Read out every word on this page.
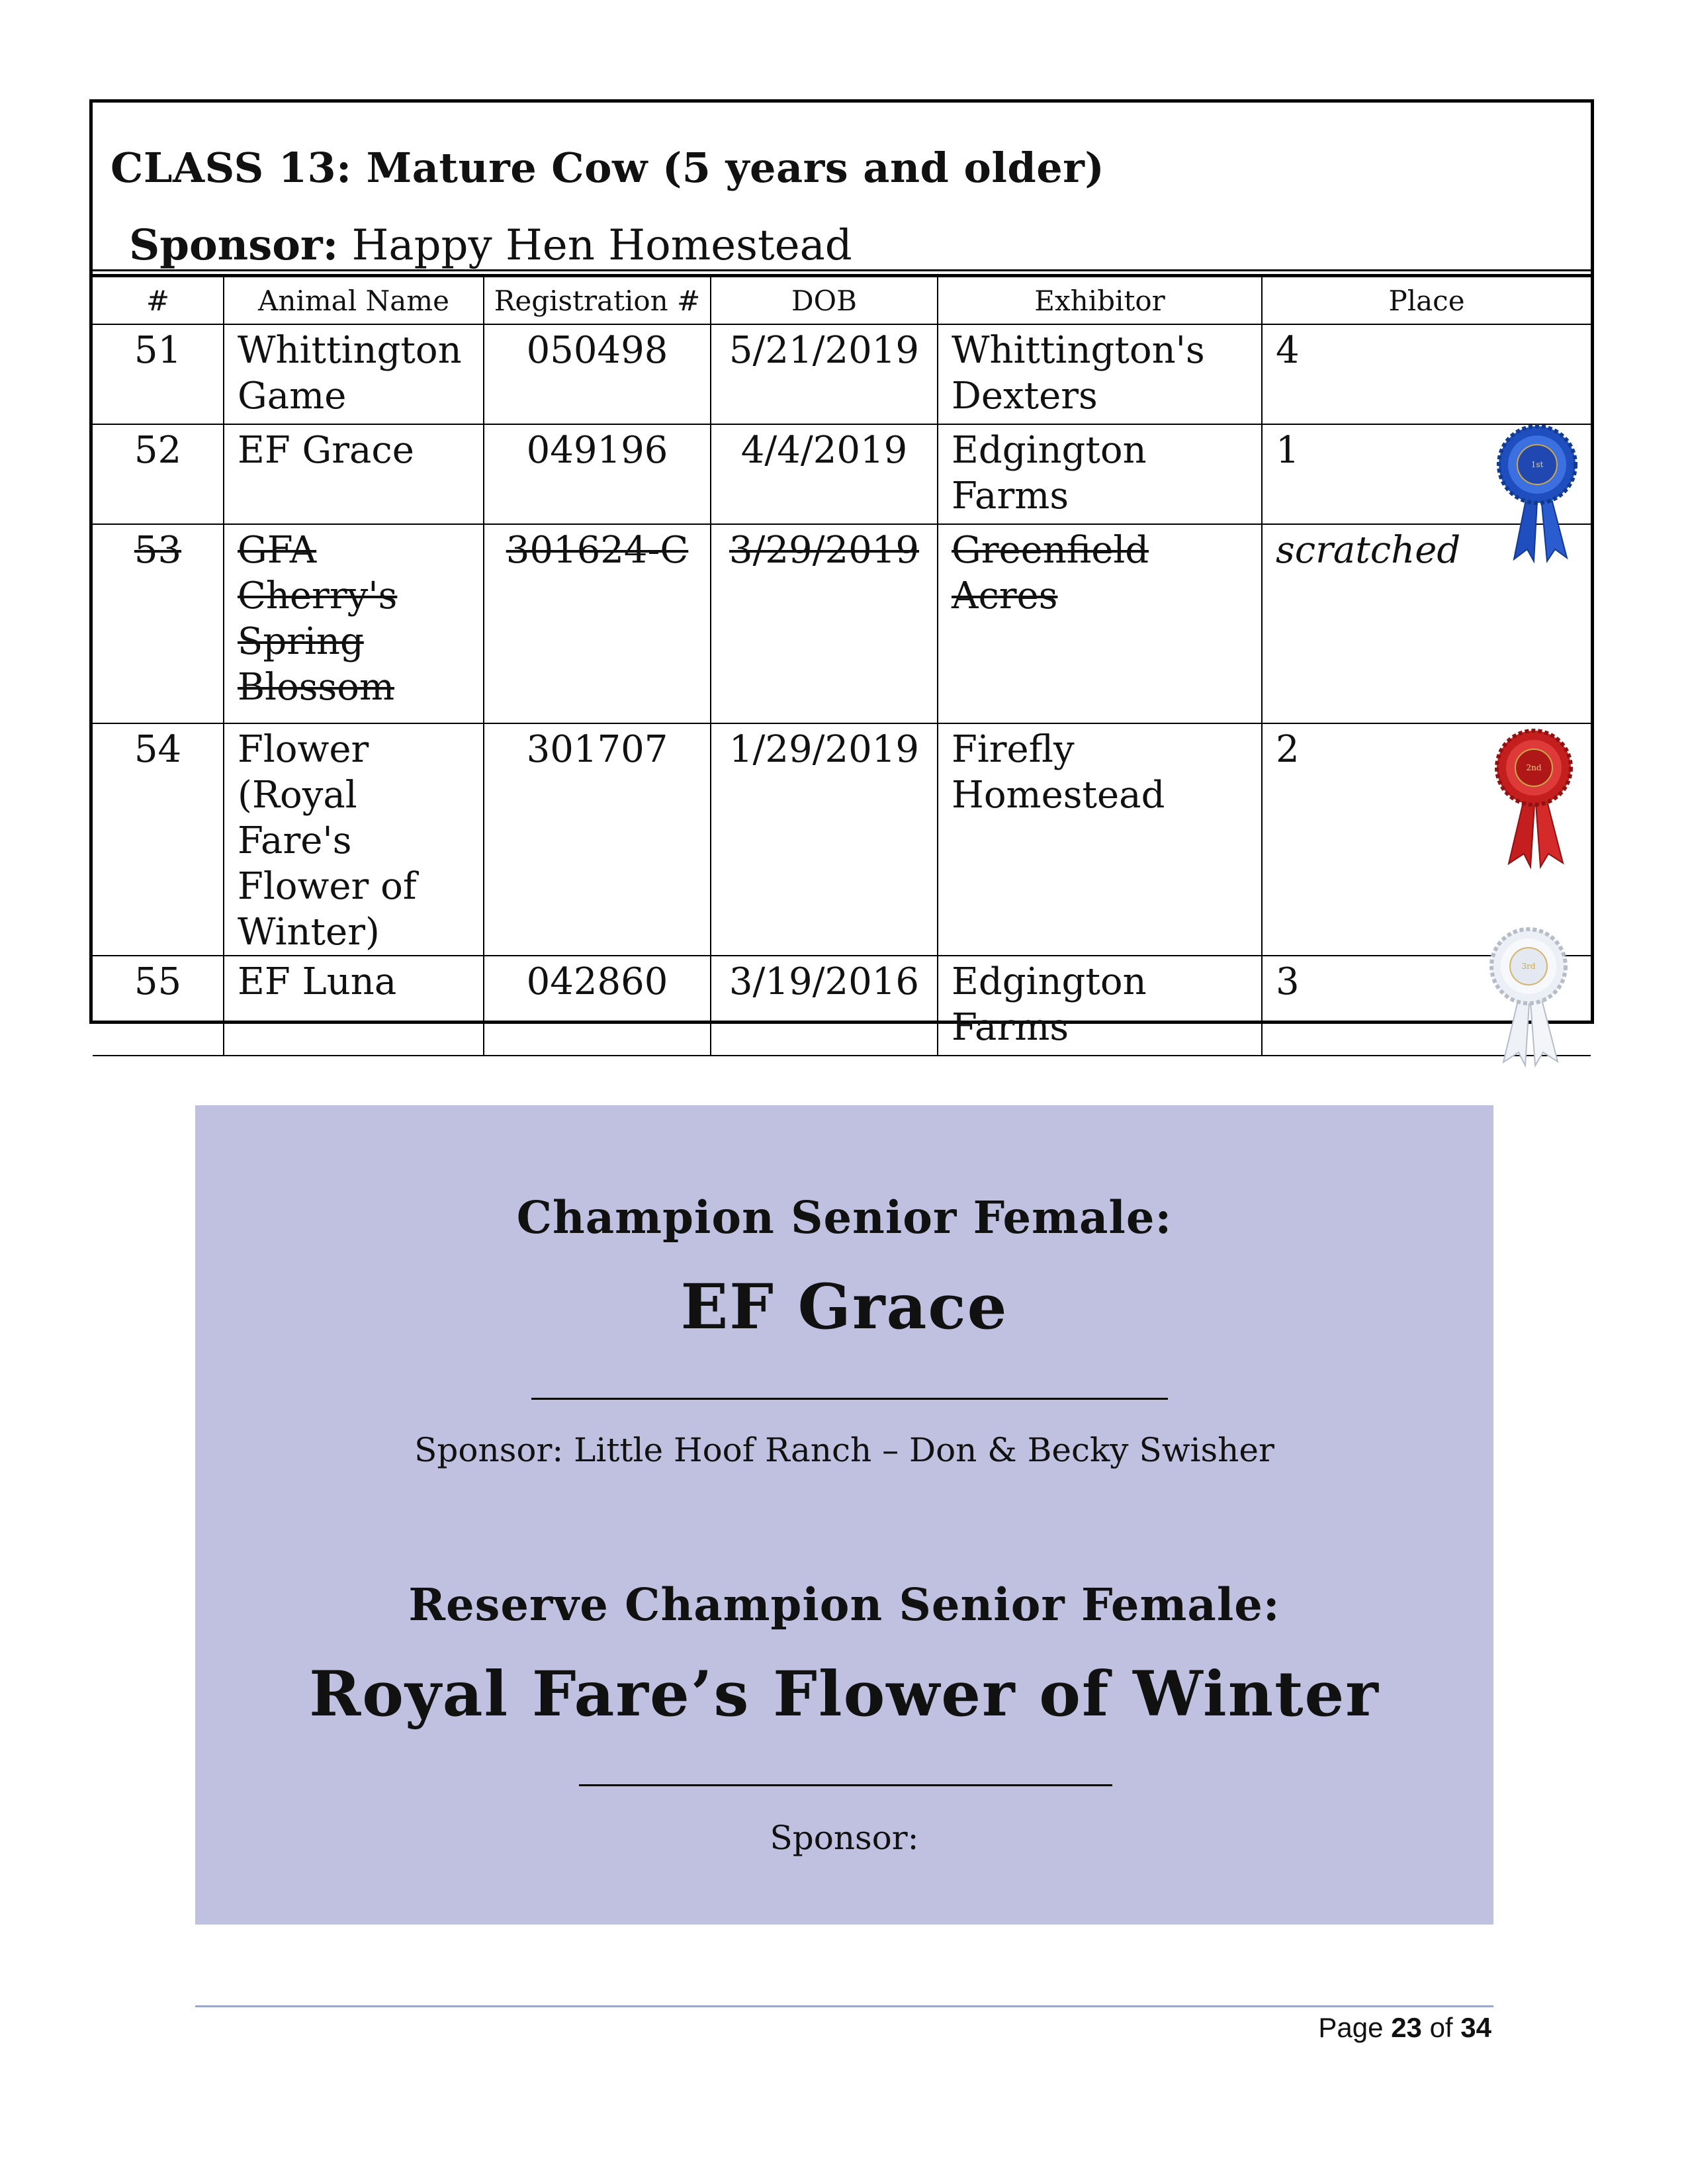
CLASS 13: Mature Cow (5 years and older)

Sponsor: Happy Hen Homestead

#	Animal Name	Registration #	DOB	Exhibitor	Place
51	Whittington Game	050498	5/21/2019	Whittington's Dexters	4
52	EF Grace	049196	4/4/2019	Edgington Farms	1
53	GFA Cherry's Spring Blossom	301624-C	3/29/2019	Greenfield Acres	scratched
54	Flower (Royal Fare's Flower of Winter)	301707	1/29/2019	Firefly Homestead	2
55	EF Luna	042860	3/19/2016	Edgington Farms	3
1st
2nd
3rd

Champion Senior Female:

EF Grace

Sponsor: Little Hoof Ranch – Don & Becky Swisher

Reserve Champion Senior Female:

Royal Fare’s Flower of Winter

Sponsor:

Page 23 of 34
